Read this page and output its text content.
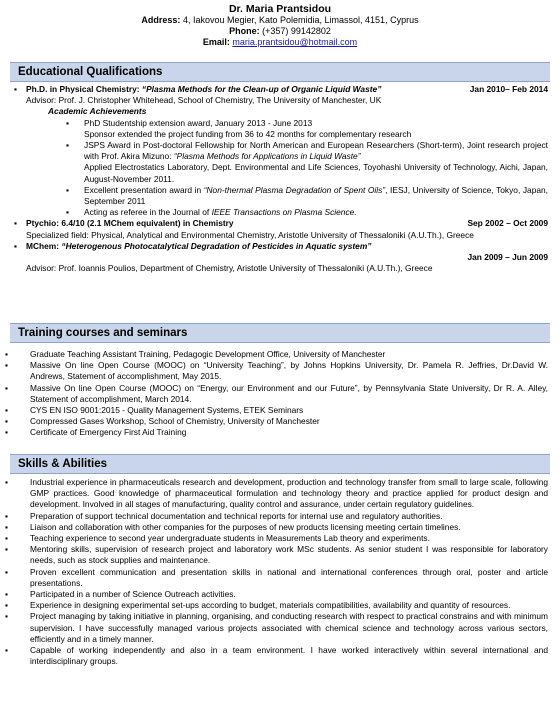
Dr. Maria Prantsidou
Address: 4, Iakovou Megier, Kato Polemidia, Limassol, 4151, Cyprus
Phone: (+357) 99142802
Email: maria.prantsidou@hotmail.com
Educational Qualifications
▪ Ph.D. in Physical Chemistry: “Plasma Methods for the Clean-up of Organic Liquid Waste”	Jan 2010– Feb 2014
Advisor: Prof. J. Christopher Whitehead, School of Chemistry, The University of Manchester, UK
Academic Achievements
▪ PhD Studentship extension award, January 2013 - June 2013
Sponsor extended the project funding from 36 to 42 months for complementary research
▪ JSPS Award in Post-doctoral Fellowship for North American and European Researchers (Short-term), Joint research project with Prof. Akira Mizuno: “Plasma Methods for Applications in Liquid Waste”
Applied Electrostatics Laboratory, Dept. Environmental and Life Sciences, Toyohashi University of Technology, Aichi, Japan, August-November 2011.
▪ Excellent presentation award in “Non-thermal Plasma Degradation of Spent Oils”, IESJ, University of Science, Tokyo, Japan, September 2011
▪ Acting as referee in the Journal of IEEE Transactions on Plasma Science.
▪ Ptychio: 6.4/10 (2.1 MChem equivalent) in Chemistry	Sep 2002 – Oct 2009
Specialized field: Physical, Analytical and Environmental Chemistry, Aristotle University of Thessaloniki (A.U.Th.), Greece
▪ MChem: “Heterogenous Photocatalytical Degradation of Pesticides in Aquatic system”
Jan 2009 – Jun 2009
Advisor: Prof. Ioannis Poulios, Department of Chemistry, Aristotle University of Thessaloniki (A.U.Th.), Greece
Training courses and seminars
▪	Graduate Teaching Assistant Training, Pedagogic Development Office, University of Manchester
▪	Massive On line Open Course (MOOC) on “University Teaching”, by Johns Hopkins University, Dr. Pamela R. Jeffries, Dr.David W. Andrews, Statement of accomplishment, May 2015.
▪	Massive On line Open Course (MOOC) on “Energy, our Environment and our Future”, by Pennsylvania State University, Dr R. A. Alley, Statement of accomplishment, March 2014.
▪	CYS EN ISO 9001:2015 - Quality Management Systems, ETEK Seminars
▪	Compressed Gases Workshop, School of Chemistry, University of Manchester
▪	Certificate of Emergency First Aid Training
Skills & Abilities
▪	Industrial experience in pharmaceuticals research and development, production and technology transfer from small to large scale, following GMP practices. Good knowledge of pharmaceutical formulation and technology theory and practice applied for product design and development. Involved in all stages of manufacturing, quality control and assurance, under certain regulatory guidelines.
▪	Preparation of support technical documentation and technical reports for internal use and regulatory authorities.
▪	Liaison and collaboration with other companies for the purposes of new products licensing meeting certain timelines.
▪	Teaching experience to second year undergraduate students in Measurements Lab theory and experiments.
▪	Mentoring skills, supervision of research project and laboratory work MSc students. As senior student I was responsible for laboratory needs, such as stock supplies and maintenance.
▪	Proven excellent communication and presentation skills in national and international conferences through oral, poster and article presentations.
▪	Participated in a number of Science Outreach activities.
▪	Experience in designing experimental set-ups according to budget, materials compatibilities, availability and quantity of resources.
▪	Project managing by taking initiative in planning, organising, and conducting research with respect to practical constrains and with minimum supervision. I have successfully managed various projects associated with chemical science and technology across various sectors, efficiently and in a timely manner.
▪	Capable of working independently and also in a team environment. I have worked interactively within several international and interdisciplinary groups.
